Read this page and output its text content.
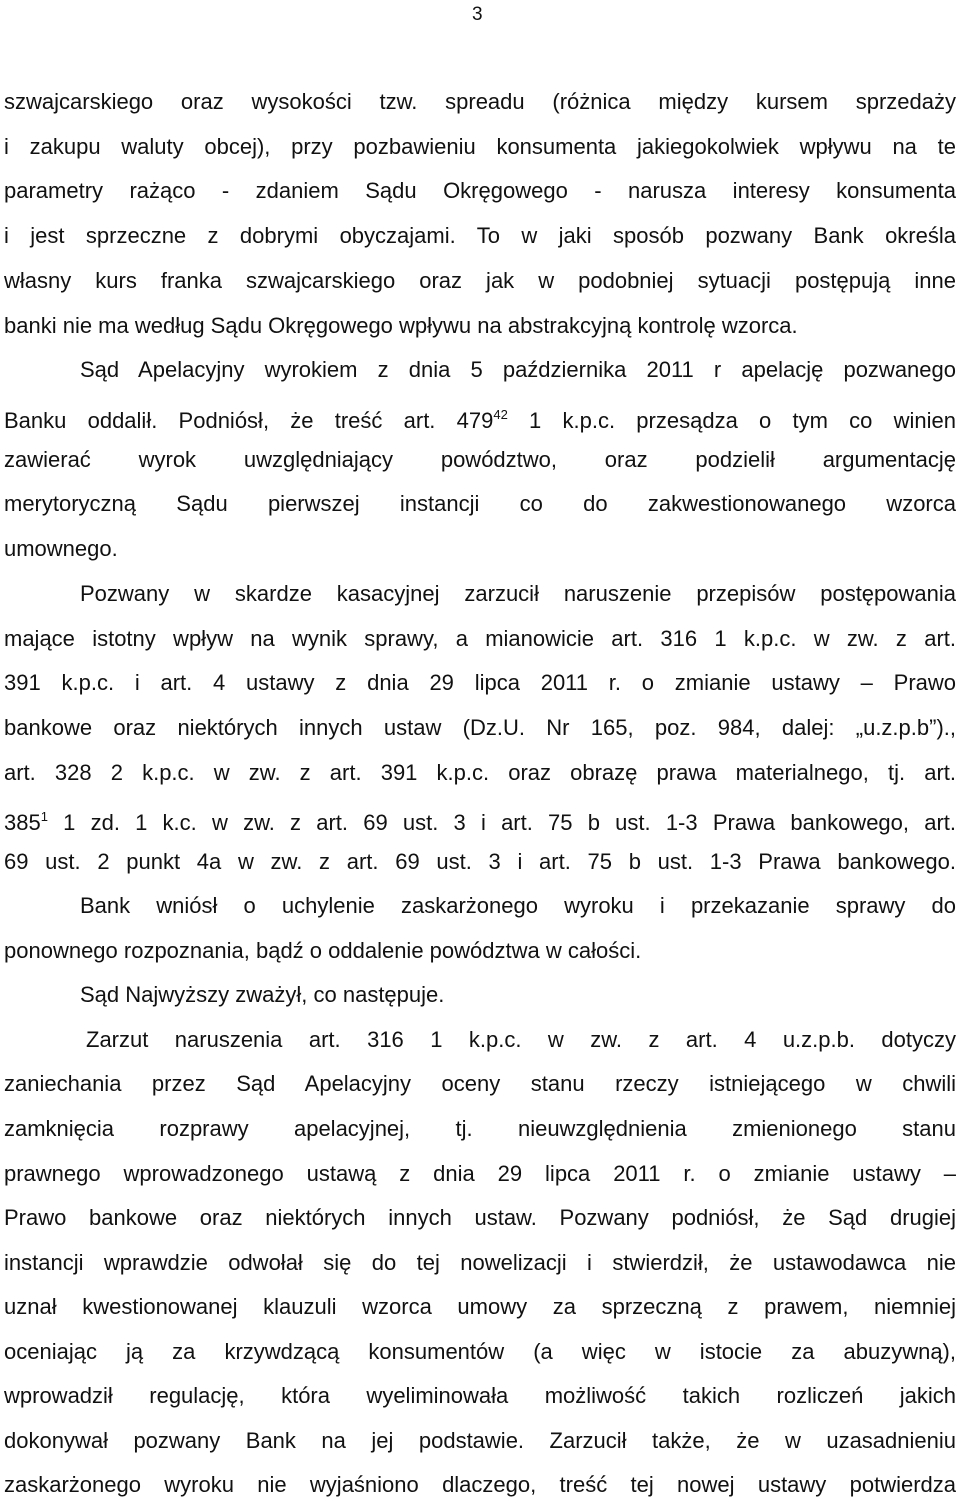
3
szwajcarskiego oraz wysokości tzw. spreadu (różnica między kursem sprzedaży
i zakupu waluty obcej), przy pozbawieniu konsumenta jakiegokolwiek wpływu na te
parametry rażąco - zdaniem Sądu Okręgowego - narusza interesy konsumenta
i jest sprzeczne z dobrymi obyczajami. To w jaki sposób pozwany Bank określa
własny kurs franka szwajcarskiego oraz jak w podobniej sytuacji postępują inne
banki nie ma według Sądu Okręgowego wpływu na abstrakcyjną kontrolę wzorca.
Sąd Apelacyjny wyrokiem z dnia 5 października 2011 r apelację pozwanego
Banku oddalił. Podniósł, że treść art. $479^{42}$ 1 k.p.c. przesądza o tym co winien
zawierać wyrok uwzględniający powództwo, oraz podzielił argumentację
merytoryczną Sądu pierwszej instancji co do zakwestionowanego wzorca
umownego.
Pozwany w skardze kasacyjnej zarzucił naruszenie przepisów postępowania
mające istotny wpływ na wynik sprawy, a mianowicie art. 316 1 k.p.c. w zw. z art.
391 k.p.c. i art. 4 ustawy z dnia 29 lipca 2011 r. o zmianie ustawy – Prawo
bankowe oraz niektórych innych ustaw (Dz.U. Nr 165, poz. 984, dalej: „u.z.p.b”).,
art. 328 2 k.p.c. w zw. z art. 391 k.p.c. oraz obrazę prawa materialnego, tj. art.
$385^1$ 1 zd. 1 k.c. w zw. z art. 69 ust. 3 i art. 75 b ust. 1-3 Prawa bankowego, art.
69 ust. 2 punkt 4a w zw. z art. 69 ust. 3 i art. 75 b ust. 1-3 Prawa bankowego.
Bank wniósł o uchylenie zaskarżonego wyroku i przekazanie sprawy do
ponownego rozpoznania, bądź o oddalenie powództwa w całości.
Sąd Najwyższy zważył, co następuje.
Zarzut naruszenia art. 316 1 k.p.c. w zw. z art. 4 u.z.p.b. dotyczy
zaniechania przez Sąd Apelacyjny oceny stanu rzeczy istniejącego w chwili
zamknięcia rozprawy apelacyjnej, tj. nieuwzględnienia zmienionego stanu
prawnego wprowadzonego ustawą z dnia 29 lipca 2011 r. o zmianie ustawy –
Prawo bankowe oraz niektórych innych ustaw. Pozwany podniósł, że Sąd drugiej
instancji wprawdzie odwołał się do tej nowelizacji i stwierdził, że ustawodawca nie
uznał kwestionowanej klauzuli wzorca umowy za sprzeczną z prawem, niemniej
oceniając ją za krzywdzącą konsumentów (a więc w istocie za abuzywną),
wprowadził regulację, która wyeliminowała możliwość takich rozliczeń jakich
dokonywał pozwany Bank na jej podstawie. Zarzucił także, że w uzasadnieniu
zaskarżonego wyroku nie wyjaśniono dlaczego, treść tej nowej ustawy potwierdza
